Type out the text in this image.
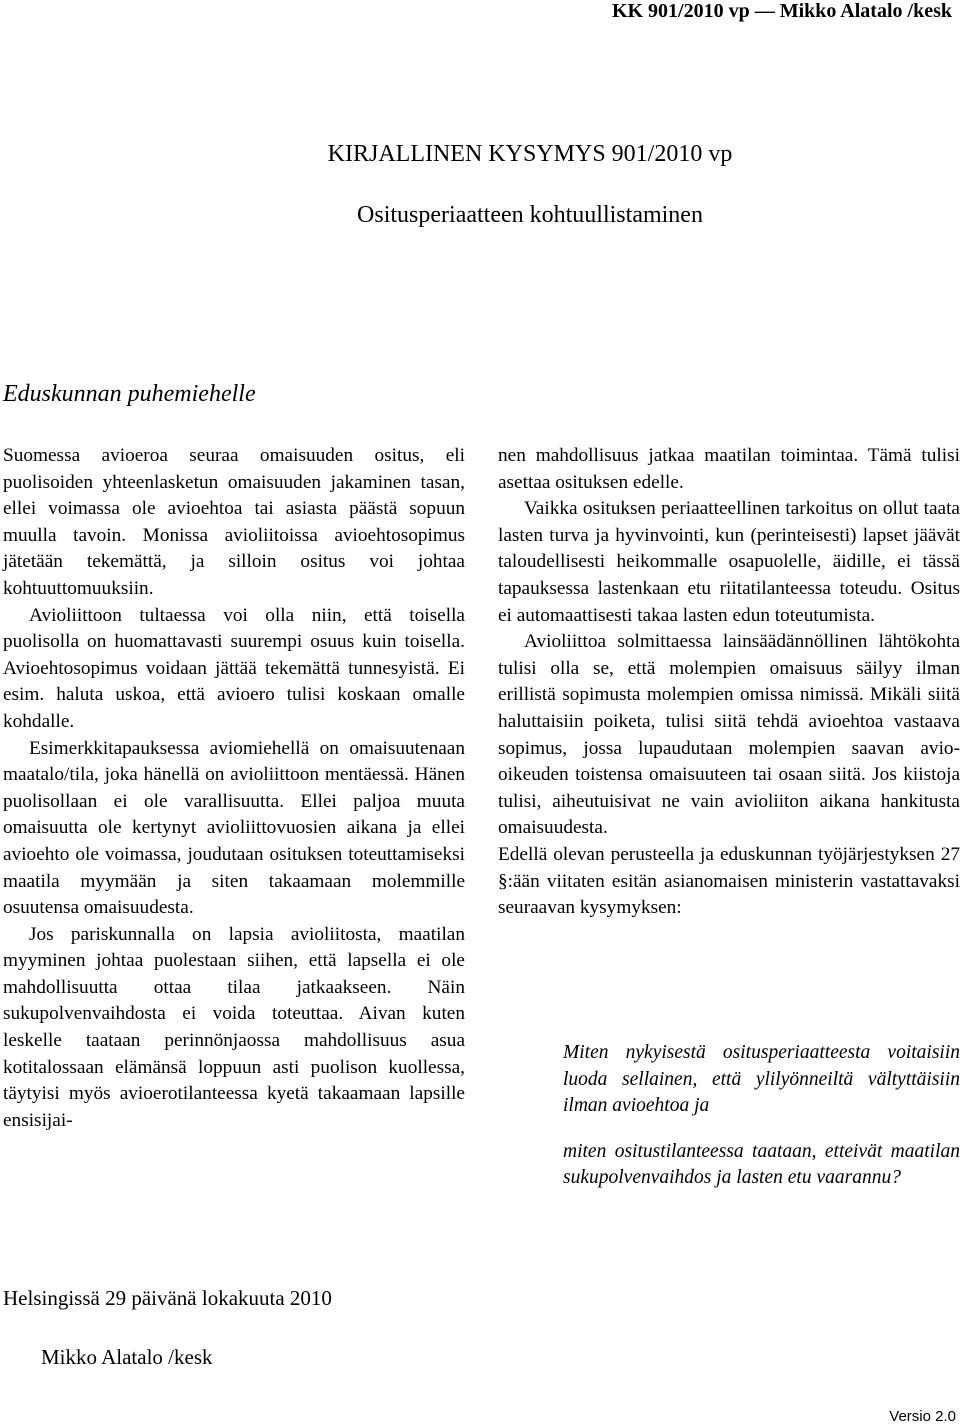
KK 901/2010 vp — Mikko Alatalo /kesk
KIRJALLINEN KYSYMYS 901/2010 vp
Ositusperiaatteen kohtuullistaminen
Eduskunnan puhemiehelle

Suomessa avioeroa seuraa omaisuuden ositus, eli puolisoiden yhteenlasketun omaisuuden jakaminen tasan, ellei voimassa ole avioehtoa tai asiasta päästä sopuun muulla tavoin. Monissa avioliitoissa avioehtosopimus jätetään tekemättä, ja silloin ositus voi johtaa kohtuuttomuuksiin.

Avioliittoon tultaessa voi olla niin, että toisella puolisolla on huomattavasti suurempi osuus kuin toisella. Avioehtosopimus voidaan jättää tekemättä tunnesyistä. Ei esim. haluta uskoa, että avioero tulisi koskaan omalle kohdalle.

Esimerkkitapauksessa aviomiehellä on omaisuutenaan maatalo/tila, joka hänellä on avioliittoon mentäessä. Hänen puolisollaan ei ole varallisuutta. Ellei paljoa muuta omaisuutta ole kertynyt avioliittovuosien aikana ja ellei avioehto ole voimassa, joudutaan osituksen toteuttamiseksi maatila myymään ja siten takaamaan molemmille osuutensa omaisuudesta.

Jos pariskunnalla on lapsia avioliitosta, maatilan myyminen johtaa puolestaan siihen, että lapsella ei ole mahdollisuutta ottaa tilaa jatkaakseen. Näin sukupolvenvaihdosta ei voida toteuttaa. Aivan kuten leskelle taataan perinnönjaossa mahdollisuus asua kotitalossaan elämänsä loppuun asti puolison kuollessa, täytyisi myös avioerotilanteessa kyetä takaamaan lapsille ensisijai-

nen mahdollisuus jatkaa maatilan toimintaa. Tämä tulisi asettaa osituksen edelle.

Vaikka osituksen periaatteellinen tarkoitus on ollut taata lasten turva ja hyvinvointi, kun (perinteisesti) lapset jäävät taloudellisesti heikommalle osapuolelle, äidille, ei tässä tapauksessa lastenkaan etu riitatilanteessa toteudu. Ositus ei automaattisesti takaa lasten edun toteutumista.

Avioliittoa solmittaessa lainsäädännöllinen lähtökohta tulisi olla se, että molempien omaisuus säilyy ilman erillistä sopimusta molempien omissa nimissä. Mikäli siitä haluttaisiin poiketa, tulisi siitä tehdä avioehtoa vastaava sopimus, jossa lupaudutaan molempien saavan avio-oikeuden toistensa omaisuuteen tai osaan siitä. Jos kiistoja tulisi, aiheutuisivat ne vain avioliiton aikana hankitusta omaisuudesta.

Edellä olevan perusteella ja eduskunnan työjärjestyksen 27 §:ään viitaten esitän asianomaisen ministerin vastattavaksi seuraavan kysymyksen:

Miten nykyisestä ositusperiaatteesta voitaisiin luoda sellainen, että ylilyönneiltä vältyttäisiin ilman avioehtoa ja

miten ositustilanteessa taataan, etteivät maatilan sukupolvenvaihdos ja lasten etu vaarannu?

Helsingissä 29 päivänä lokakuuta 2010
Mikko Alatalo /kesk
Versio 2.0
